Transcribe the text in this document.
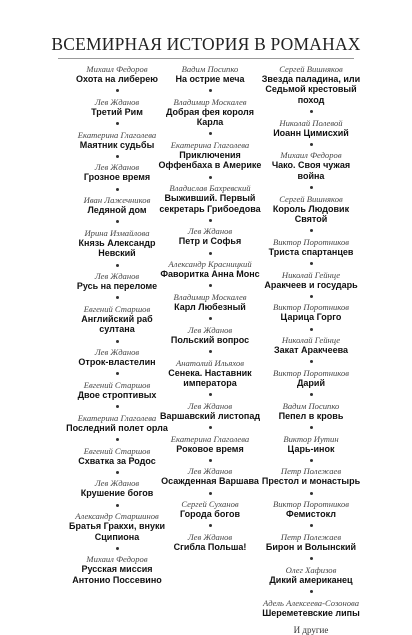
ВСЕМИРНАЯ ИСТОРИЯ В РОМАНАХ
Михаил Федоров
Охота на либерею
Лев Жданов
Третий Рим
Екатерина Глаголева
Маятник судьбы
Лев Жданов
Грозное время
Иван Лажечников
Ледяной дом
Ирина Измайлова
Князь Александр Невский
Лев Жданов
Русь на переломе
Евгений Старшов
Английский раб султана
Лев Жданов
Отрок-властелин
Евгений Старшов
Двое строптивых
Екатерина Глаголева
Последний полет орла
Евгений Старшов
Схватка за Родос
Лев Жданов
Крушение богов
Александр Старшинов
Братья Гракхи, внуки Сципиона
Михаил Федоров
Русская миссия Антонио Поссевино
Вадим Посипко
На острие меча
Владимир Москалев
Добрая фея короля Карла
Екатерина Глаголева
Приключения Оффенбаха в Америке
Владислав Бахревский
Выживший. Первый секретарь Грибоедова
Лев Жданов
Петр и Софья
Александр Красницкий
Фаворитка Анна Монс
Владимир Москалев
Карл Любезный
Лев Жданов
Польский вопрос
Анатолий Ильяхов
Сенека. Наставник императора
Лев Жданов
Варшавский листопад
Екатерина Глаголева
Роковое время
Лев Жданов
Осажденная Варшава
Сергей Суханов
Города богов
Лев Жданов
Сгибла Польша!
Сергей Вишняков
Звезда паладина, или Седьмой крестовый поход
Николай Полевой
Иоанн Цимисхий
Михаил Федоров
Чако. Своя чужая война
Сергей Вишняков
Король Людовик Святой
Виктор Поротников
Триста спартанцев
Николай Гейнце
Аракчеев и государь
Виктор Поротников
Царица Горго
Николай Гейнце
Закат Аракчеева
Виктор Поротников
Дарий
Вадим Посипко
Пепел в кровь
Виктор Иутин
Царь-инок
Петр Полежаев
Престол и монастырь
Виктор Поротников
Фемистокл
Петр Полежаев
Бирон и Волынский
Олег Хафизов
Дикий американец
Адель Алексеева-Созонова
Шереметевские липы
И другие
